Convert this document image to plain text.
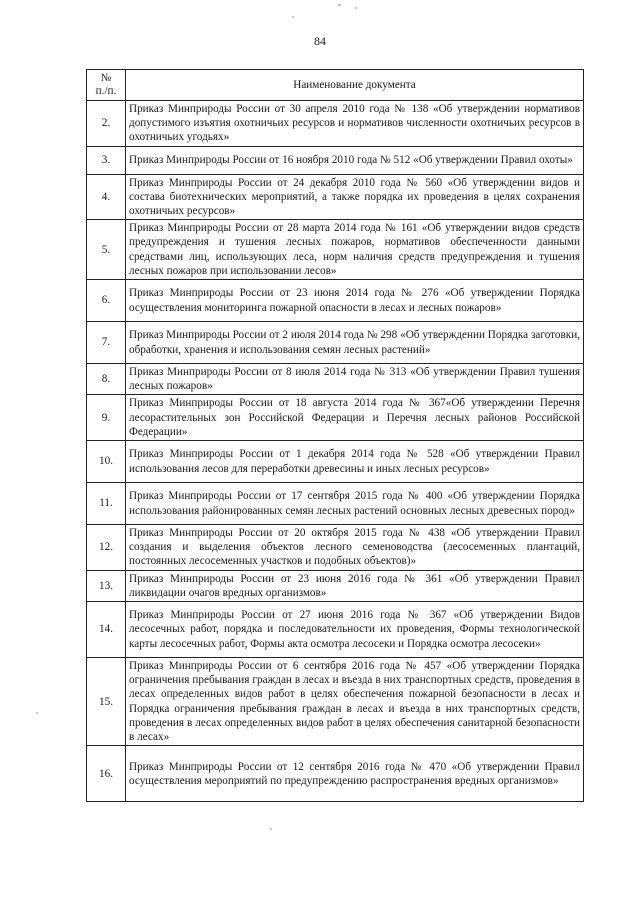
84
№
п./п.	Наименование документа
2.	Приказ Минприроды России от 30 апреля 2010 года № 138 «Об утверждении нормативов допустимого изъятия охотничьих ресурсов и нормативов численности охотничьих ресурсов в охотничьих угодьях»
3.	Приказ Минприроды России от 16 ноября 2010 года № 512 «Об утверждении Правил охоты»
4.	Приказ Минприроды России от 24 декабря 2010 года № 560 «Об утверждении видов и состава биотехнических мероприятий, а также порядка их проведения в целях сохранения охотничьих ресурсов»
5.	Приказ Минприроды России от 28 марта 2014 года № 161 «Об утверждении видов средств предупреждения и тушения лесных пожаров, нормативов обеспеченности данными средствами лиц, использующих леса, норм наличия средств предупреждения и тушения лесных пожаров при использовании лесов»
6.	Приказ Минприроды России от 23 июня 2014 года № 276 «Об утверждении Порядка осуществления мониторинга пожарной опасности в лесах и лесных пожаров»
7.	Приказ Минприроды России от 2 июля 2014 года № 298 «Об утверждении Порядка заготовки, обработки, хранения и использования семян лесных растений»
8.	Приказ Минприроды России от 8 июля 2014 года № 313 «Об утверждении Правил тушения лесных пожаров»
9.	Приказ Минприроды России от 18 августа 2014 года № 367«Об утверждении Перечня лесорастительных зон Российской Федерации и Перечня лесных районов Российской Федерации»
10.	Приказ Минприроды России от 1 декабря 2014 года № 528 «Об утверждении Правил использования лесов для переработки древесины и иных лесных ресурсов»
11.	Приказ Минприроды России от 17 сентября 2015 года № 400 «Об утверждении Порядка использования районированных семян лесных растений основных лесных древесных пород»
12.	Приказ Минприроды России от 20 октября 2015 года № 438 «Об утверждении Правил создания и выделения объектов лесного семеноводства (лесосеменных плантаций, постоянных лесосеменных участков и подобных объектов)»
13.	Приказ Минприроды России от 23 июня 2016 года № 361 «Об утверждении Правил ликвидации очагов вредных организмов»
14.	Приказ Минприроды России от 27 июня 2016 года № 367 «Об утверждении Видов лесосечных работ, порядка и последовательности их проведения, Формы технологической карты лесосечных работ, Формы акта осмотра лесосеки и Порядка осмотра лесосеки»
15.	Приказ Минприроды России от 6 сентября 2016 года № 457 «Об утверждении Порядка ограничения пребывания граждан в лесах и въезда в них транспортных средств, проведения в лесах определенных видов работ в целях обеспечения пожарной безопасности в лесах и Порядка ограничения пребывания граждан в лесах и въезда в них транспортных средств, проведения в лесах определенных видов работ в целях обеспечения санитарной безопасности в лесах»
16.	Приказ Минприроды России от 12 сентября 2016 года № 470 «Об утверждении Правил осуществления мероприятий по предупреждению распространения вредных организмов»
